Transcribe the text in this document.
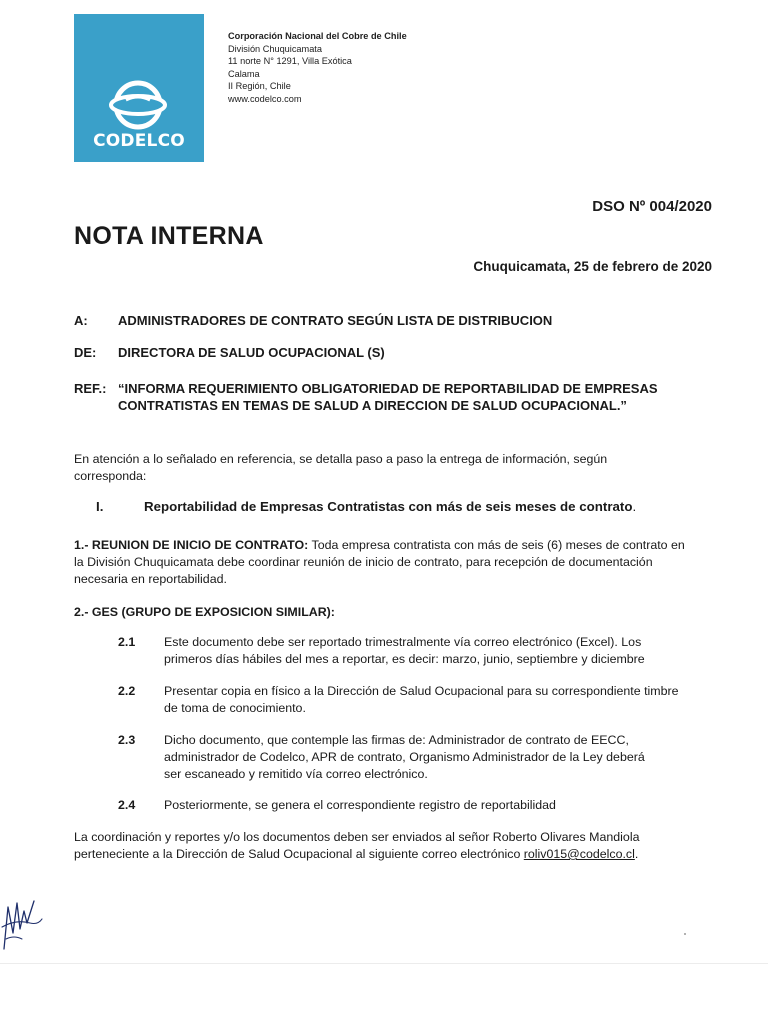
CODELCO
Corporación Nacional del Cobre de Chile
División Chuquicamata
11 norte N° 1291, Villa Exótica
Calama
II Región, Chile
www.codelco.com
DSO Nº 004/2020
NOTA INTERNA
Chuquicamata, 25 de febrero de 2020
A:	ADMINISTRADORES DE CONTRATO SEGÚN LISTA DE DISTRIBUCION
DE:	DIRECTORA DE SALUD OCUPACIONAL (S)
REF.: “INFORMA REQUERIMIENTO OBLIGATORIEDAD DE REPORTABILIDAD DE EMPRESAS
CONTRATISTAS EN TEMAS DE SALUD A DIRECCION DE SALUD OCUPACIONAL.”
En atención a lo señalado en referencia, se detalla paso a paso la entrega de información, según
corresponda:
I.	Reportabilidad de Empresas Contratistas con más de seis meses de contrato.
1.- REUNION DE INICIO DE CONTRATO: Toda empresa contratista con más de seis (6) meses de contrato en
la División Chuquicamata debe coordinar reunión de inicio de contrato, para recepción de documentación
necesaria en reportabilidad.
2.- GES (GRUPO DE EXPOSICION SIMILAR):
2.1 Este documento debe ser reportado trimestralmente vía correo electrónico (Excel). Los
primeros días hábiles del mes a reportar, es decir: marzo, junio, septiembre y diciembre
2.2 Presentar copia en físico a la Dirección de Salud Ocupacional para su correspondiente timbre
de toma de conocimiento.
2.3 Dicho documento, que contemple las firmas de: Administrador de contrato de EECC,
administrador de Codelco, APR de contrato, Organismo Administrador de la Ley deberá
ser escaneado y remitido vía correo electrónico.
2.4 Posteriormente, se genera el correspondiente registro de reportabilidad
La coordinación y reportes y/o los documentos deben ser enviados al señor Roberto Olivares Mandiola
perteneciente a la Dirección de Salud Ocupacional al siguiente correo electrónico roliv015@codelco.cl.
